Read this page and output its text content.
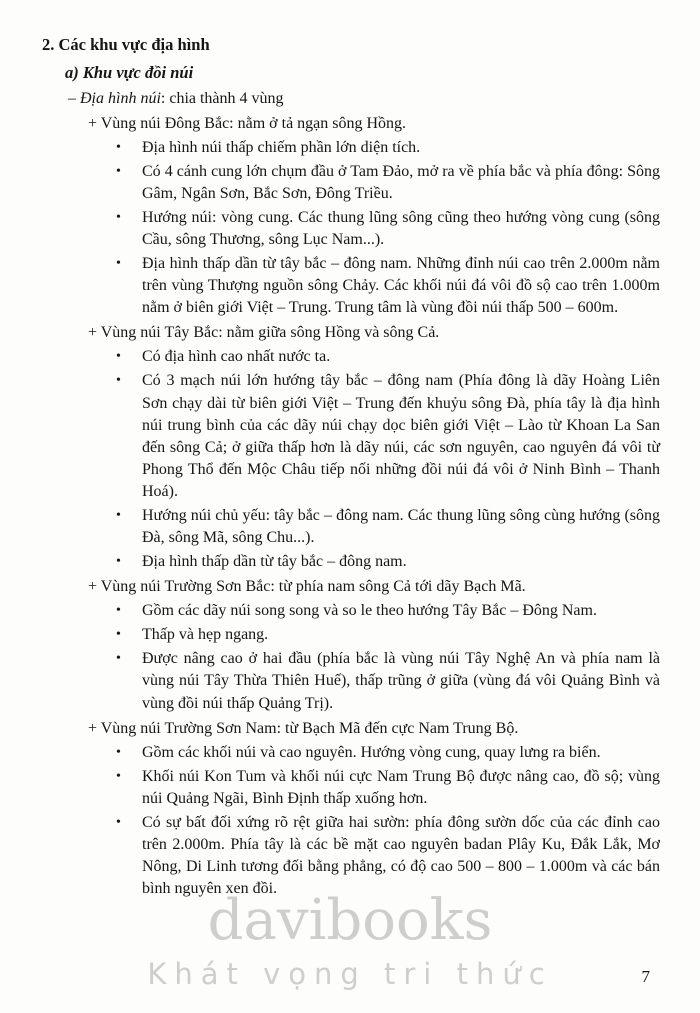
2. Các khu vực địa hình
a) Khu vực đồi núi

– Địa hình núi: chia thành 4 vùng

+ Vùng núi Đông Bắc: nằm ở tả ngạn sông Hồng.

•	Địa hình núi thấp chiếm phần lớn diện tích.
•	Có 4 cánh cung lớn chụm đầu ở Tam Đảo, mở ra về phía bắc và phía đông: Sông Gâm, Ngân Sơn, Bắc Sơn, Đông Triều.
•	Hướng núi: vòng cung. Các thung lũng sông cũng theo hướng vòng cung (sông Cầu, sông Thương, sông Lục Nam...).
•	Địa hình thấp dần từ tây bắc – đông nam. Những đỉnh núi cao trên 2.000m nằm trên vùng Thượng nguồn sông Chảy. Các khối núi đá vôi đồ sộ cao trên 1.000m nằm ở biên giới Việt – Trung. Trung tâm là vùng đồi núi thấp 500 – 600m.

+ Vùng núi Tây Bắc: nằm giữa sông Hồng và sông Cả.

•	Có địa hình cao nhất nước ta.
•	Có 3 mạch núi lớn hướng tây bắc – đông nam (Phía đông là dãy Hoàng Liên Sơn chạy dài từ biên giới Việt – Trung đến khuỷu sông Đà, phía tây là địa hình núi trung bình của các dãy núi chạy dọc biên giới Việt – Lào từ Khoan La San đến sông Cả; ở giữa thấp hơn là dãy núi, các sơn nguyên, cao nguyên đá vôi từ Phong Thổ đến Mộc Châu tiếp nối những đồi núi đá vôi ở Ninh Bình – Thanh Hoá).
•	Hướng núi chủ yếu: tây bắc – đông nam. Các thung lũng sông cùng hướng (sông Đà, sông Mã, sông Chu...).
•	Địa hình thấp dần từ tây bắc – đông nam.

+ Vùng núi Trường Sơn Bắc: từ phía nam sông Cả tới dãy Bạch Mã.

•	Gồm các dãy núi song song và so le theo hướng Tây Bắc – Đông Nam.
•	Thấp và hẹp ngang.
•	Được nâng cao ở hai đầu (phía bắc là vùng núi Tây Nghệ An và phía nam là vùng núi Tây Thừa Thiên Huế), thấp trũng ở giữa (vùng đá vôi Quảng Bình và vùng đồi núi thấp Quảng Trị).

+ Vùng núi Trường Sơn Nam: từ Bạch Mã đến cực Nam Trung Bộ.

•	Gồm các khối núi và cao nguyên. Hướng vòng cung, quay lưng ra biển.
•	Khối núi Kon Tum và khối núi cực Nam Trung Bộ được nâng cao, đồ sộ; vùng núi Quảng Ngãi, Bình Định thấp xuống hơn.
•	Có sự bất đối xứng rõ rệt giữa hai sườn: phía đông sườn dốc của các đỉnh cao trên 2.000m. Phía tây là các bề mặt cao nguyên badan Plây Ku, Đắk Lắk, Mơ Nông, Di Linh tương đối bằng phẳng, có độ cao 500 – 800 – 1.000m và các bán bình nguyên xen đồi.
davibooks
Khát vọng tri thức	7
